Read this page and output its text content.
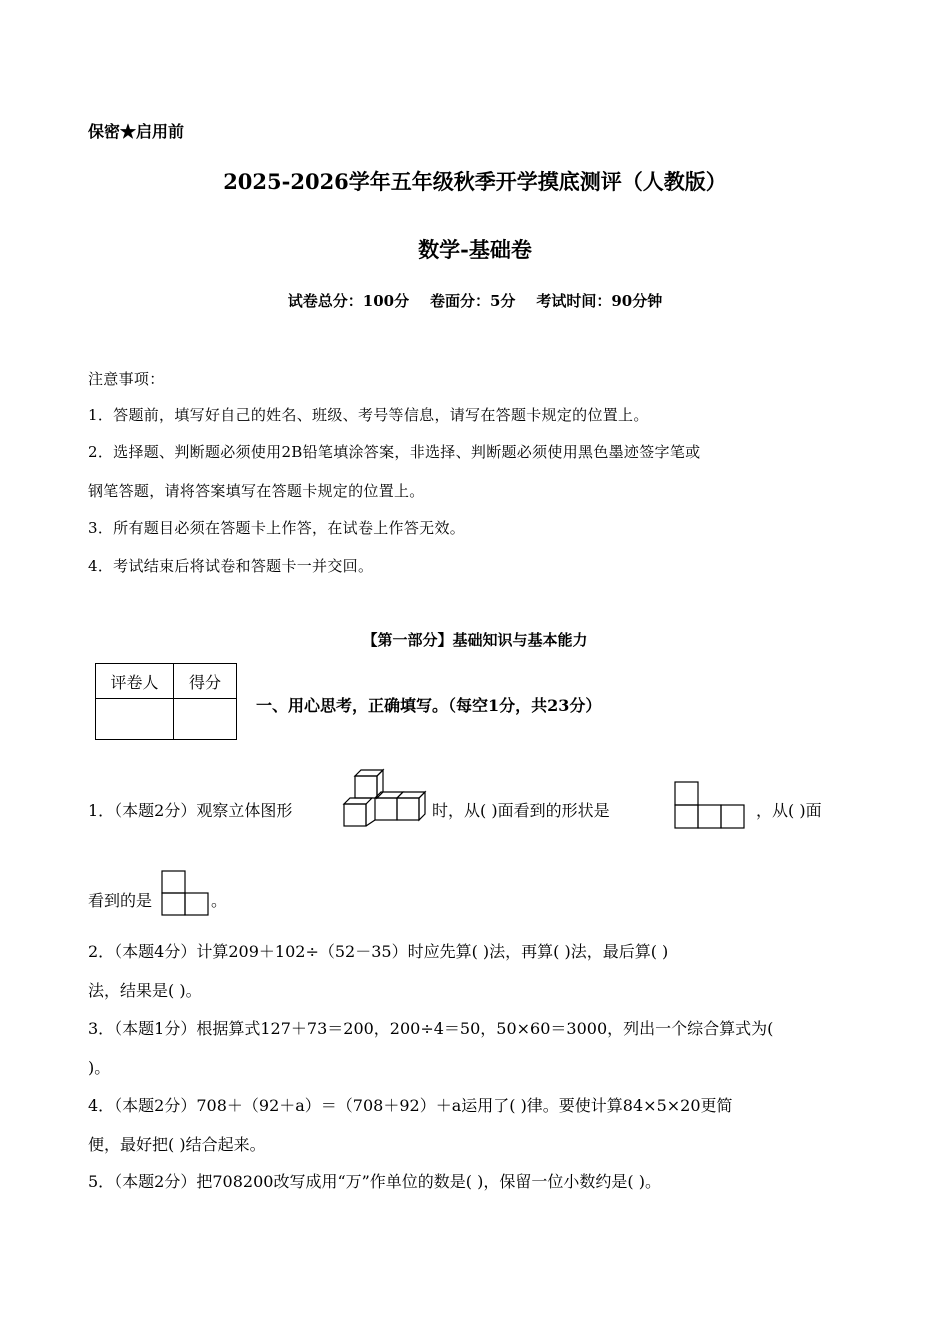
保密★启用前
2025-2026学年五年级秋季开学摸底测评（人教版）
数学-基础卷
试卷总分：100分    卷面分：5分    考试时间：90分钟
注意事项：
1．答题前，填写好自己的姓名、班级、考号等信息，请写在答题卡规定的位置上。
2．选择题、判断题必须使用2B铅笔填涂答案，非选择、判断题必须使用黑色墨迹签字笔或
钢笔答题，请将答案填写在答题卡规定的位置上。
3．所有题目必须在答题卡上作答，在试卷上作答无效。
4．考试结束后将试卷和答题卡一并交回。
【第一部分】基础知识与基本能力
评卷人	得分

一、用心思考，正确填写。（每空1分，共23分）
1．（本题2分）观察立体图形	时，从( )面看到的形状是	，从( )面
看到的是	。
2．（本题4分）计算209＋102÷（52－35）时应先算( )法，再算( )法，最后算( )
法，结果是( )。
3．（本题1分）根据算式127＋73＝200，200÷4＝50，50×60＝3000，列出一个综合算式为(
)。
4．（本题2分）708＋（92＋a）＝（708＋92）＋a运用了( )律。要使计算84×5×20更简
便，最好把( )结合起来。
5．（本题2分）把708200改写成用“万”作单位的数是( )，保留一位小数约是( )。
